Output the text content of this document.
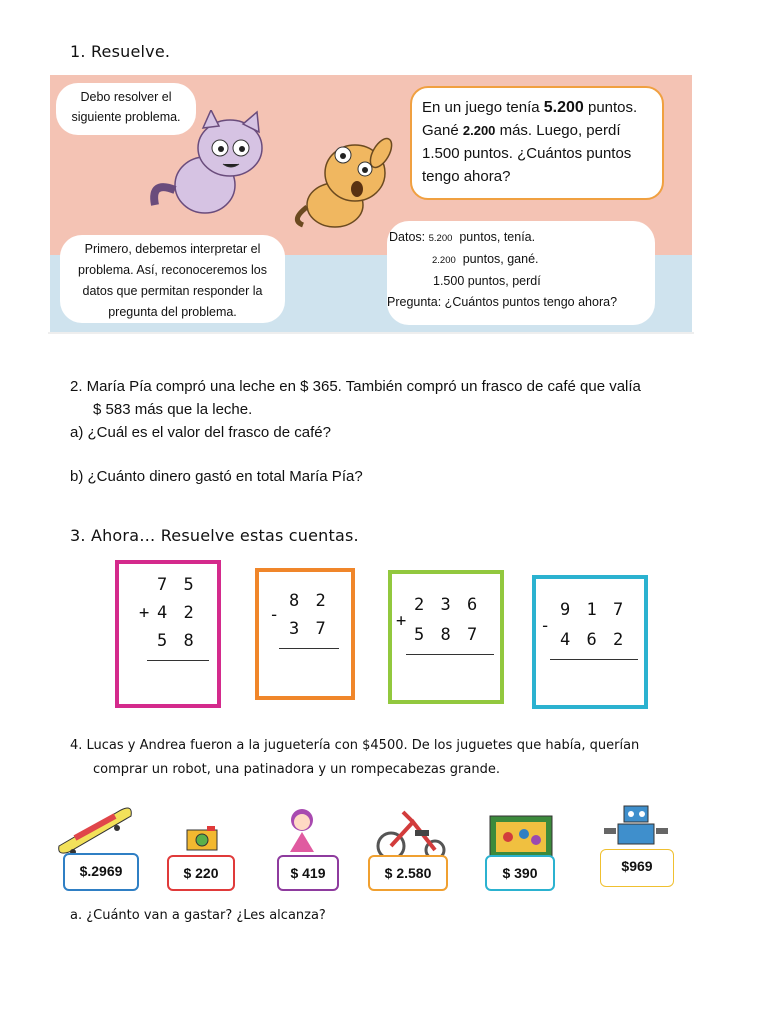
1. Resuelve.
Debo resolver el
siguiente problema.
En un juego tenía 5.200 puntos.
Gané 2.200 más. Luego, perdí
1.500 puntos. ¿Cuántos puntos
tengo ahora?
Primero, debemos interpretar el
problema. Así, reconoceremos los
datos que permitan responder la
pregunta del problema.
Datos: 5.200 puntos, tenía.
2.200 puntos, gané.
1.500 puntos, perdí
Pregunta: ¿Cuántos puntos tengo ahora?
2. María Pía compró una leche en $ 365. También compró un frasco de café que valía
$ 583 más que la leche.
a) ¿Cuál es el valor del frasco de café?
b) ¿Cuánto dinero gastó en total María Pía?
3. Ahora… Resuelve estas cuentas.
7 5
+ 4 2
5 8
8 2
-
3 7
2 3 6
+
5 8 7
9 1 7
-
4 6 2
4. Lucas y Andrea fueron a la juguetería con $4500. De los juguetes que había, querían
comprar un robot, una patinadora y un rompecabezas grande.
$.2969	$ 220	$ 419	$ 2.580	$ 390	$969
a. ¿Cuánto van a gastar? ¿Les alcanza?
